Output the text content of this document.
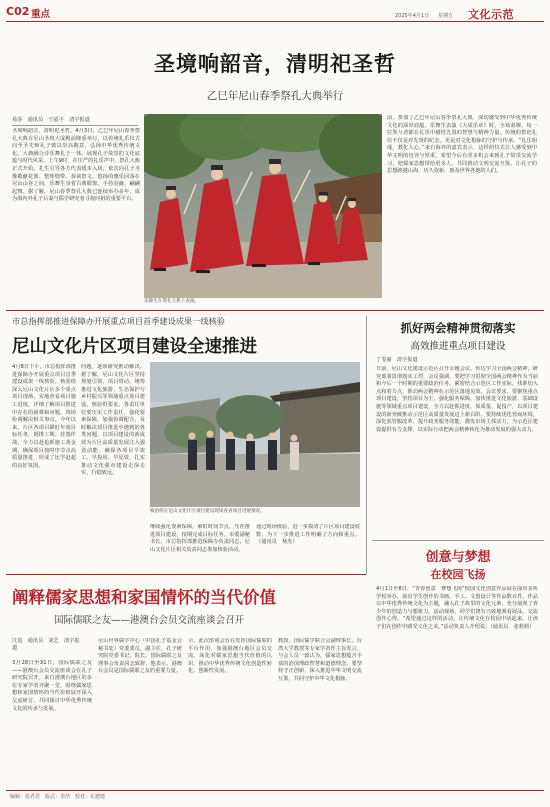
C02 重点	2025年4月1日 星期五 文化示范
圣境响韶音，清明祀圣哲
乙巳年尼山春季祭孔大典举行
易莎　通讯员　王福丰　清宇报道
圣境响韶音，清明祀圣哲。4月3日，乙巳年尼山春季祭孔大典在尼山圣境大成殿前隆重举行，以传统礼乐仪式向至圣先师孔子致以崇高敬意，弘扬中华优秀传统文化。大典融合诗乐舞礼于一体，展现孔子故里的文化底蕴与时代风采。上午9时，在庄严的礼乐声中，祭孔大典正式开始。礼生引导各方代表缓步入场，依次向孔子圣像敬献花篮、整理缎带、恭读祭文。悠扬的雅乐回荡在尼山山谷之间，乐舞生身着古典服饰，手持羽龠，翩翩起舞。据了解，尼山春季祭孔大典已连续举办多年，成为海内外孔子后裔与儒学研究者寻根问祖的重要平台。
乐舞生在祭孔大典上表演。
前，参加了乙巳年尼山春季祭孔大典，深切感受到中华优秀传统文化的深厚底蕴。乐舞生表演《大成乐章》时，全场肃穆，每一位参与者都在礼乐中感悟先贤的智慧与精神力量。传统的祭祀礼仪不仅是对先贤的纪念，更是对文化根脉的守护与传承。“礼乐相成，教化人心。”来自海外的嘉宾表示，这样的仪式让人感受到中华文明的包容与厚重，希望今后有更多机会来到孔子故里交流学习，把儒家思想带给更多人，共同推动文明交流互鉴，让孔子的思想跨越山海、历久弥新，惠及世界各地的人们。
市总指挥部推进保障办开展重点项目首季建设成果一线核验
尼山文化片区项目建设全速推进
4月8日下午，市总指挥部推进保障办开展重点项目首季建设成果一线核验。核验组深入尼山文化片区多个重点项目现场，实地查看项目施工进度，详细了解项目推进中存在的困难和问题，现场协调解决相关事宜。今年以来，片区各项目紧盯年度目标任务，倒排工期、挂图作战，全力以赴抢抓施工黄金期，确保项目按时序节点高质量推进，形成了比学赶超的良好氛围。
问题，逐项研究推动解决。据了解，尼山文化片区坚持规划引领、项目带动，统筹推进文化旅游、生态保护与乡村振兴等领域重点项目建设。核验组要求，各责任单位要压实工作责任，强化要素保障，加强协调配合，及时解决项目推进中遇到的各类问题，以项目建设的新成效为片区高质量发展注入强劲动能，确保各项目早竣工、早投用、早见效，扎实推动文化强市建设走深走实、行稳致远。
核验组在尼山文化片区项目建设现场查看项目进展情况。
继续强化要素保障，紧盯时间节点，压茬推进项目建设，按期完成目标任务。市委副秘书长、市总指挥部推进保障办负责同志，尼山文化片区相关负责同志参加核验活动。
通过现场核验，进一步摸清了片区项目建设底数，为下一步推进工作明确了方向和重点。（通讯员　杨杰）
抓好两会精神贯彻落实
高效推进重点项目建设
丁雯丽　清宇报道
日前，尼山文化建设示范区召开专题会议，传达学习全国两会精神，研究部署贯彻落实工作。会议强调，要把学习贯彻全国两会精神作为当前和今后一个时期的重要政治任务，紧密结合示范区工作实际，找准切入点和着力点，推动两会精神在示范区落地见效。会议要求，要聚焦重点项目建设，坚持项目为王，强化服务保障，加快推进文化旅游、基础设施等领域重点项目建设，全力以赴抓进度、保质量、促投产，以项目建设的新突破推动示范区高质量发展迈上新台阶。要持续优化营商环境，深化放管服改革，提升政务服务效能，激发市场主体活力，为示范区建设提供有力支撑，以实际行动把两会精神转化为推动发展的强大动力。
创意与梦想
在校园飞扬
4月1日至8日，“青春创意　梦想飞扬”校园文化创意作品展在曲阜多所学校举办，展出学生创作的书画、手工、文创设计等作品数百件。作品以中华优秀传统文化为主题，融入孔子故里的文化元素，充分展现了青少年的创造力与想象力。活动现场，同学们饶有兴致地观看展品，交流创作心得。“希望通过这样的活动，让传统文化在校园中活起来，让孩子们在创作中感受文化之美。”活动负责人介绍说。（通讯员　张莉莉）
阐释儒家思想和家国情怀的当代价值
国际儒联之友——港澳台会员交流座谈会召开
汪进　通讯员　刘艺　清宇报道
3月28日至31日，国际儒联之友——港澳台会员交流座谈会在孔子研究院召开。来自港澳台地区的多位专家学者齐聚一堂，围绕儒家思想和家国情怀的当代价值展开深入交流研讨，共同探讨中华优秀传统文化的传承与发展。
尼山世界儒学中心（中国孔子基金会秘书处）党委委员，副主任，孔子研究院党委书记，院长，国际儒联之友理事会负责同志致辞，他表示，港澳台会员是国际儒联之友的重要力量。
示，此次座谈会旨在发挥国际儒联的平台作用，加强港澳台地区会员交流，深化对儒家思想当代价值的认识，推动中华优秀传统文化创造性转化、创新性发展。
教授，国际儒学联合会副理事长，台湾大学教授等专家学者作主旨发言。与会人员一致认为，儒家思想蕴含丰富的治国理政智慧和道德理念，要坚持守正创新，深入推进中华文明交流互鉴，共同守护中华文化根脉。
编辑：张君君　版式：李浩　校对：孔德建
